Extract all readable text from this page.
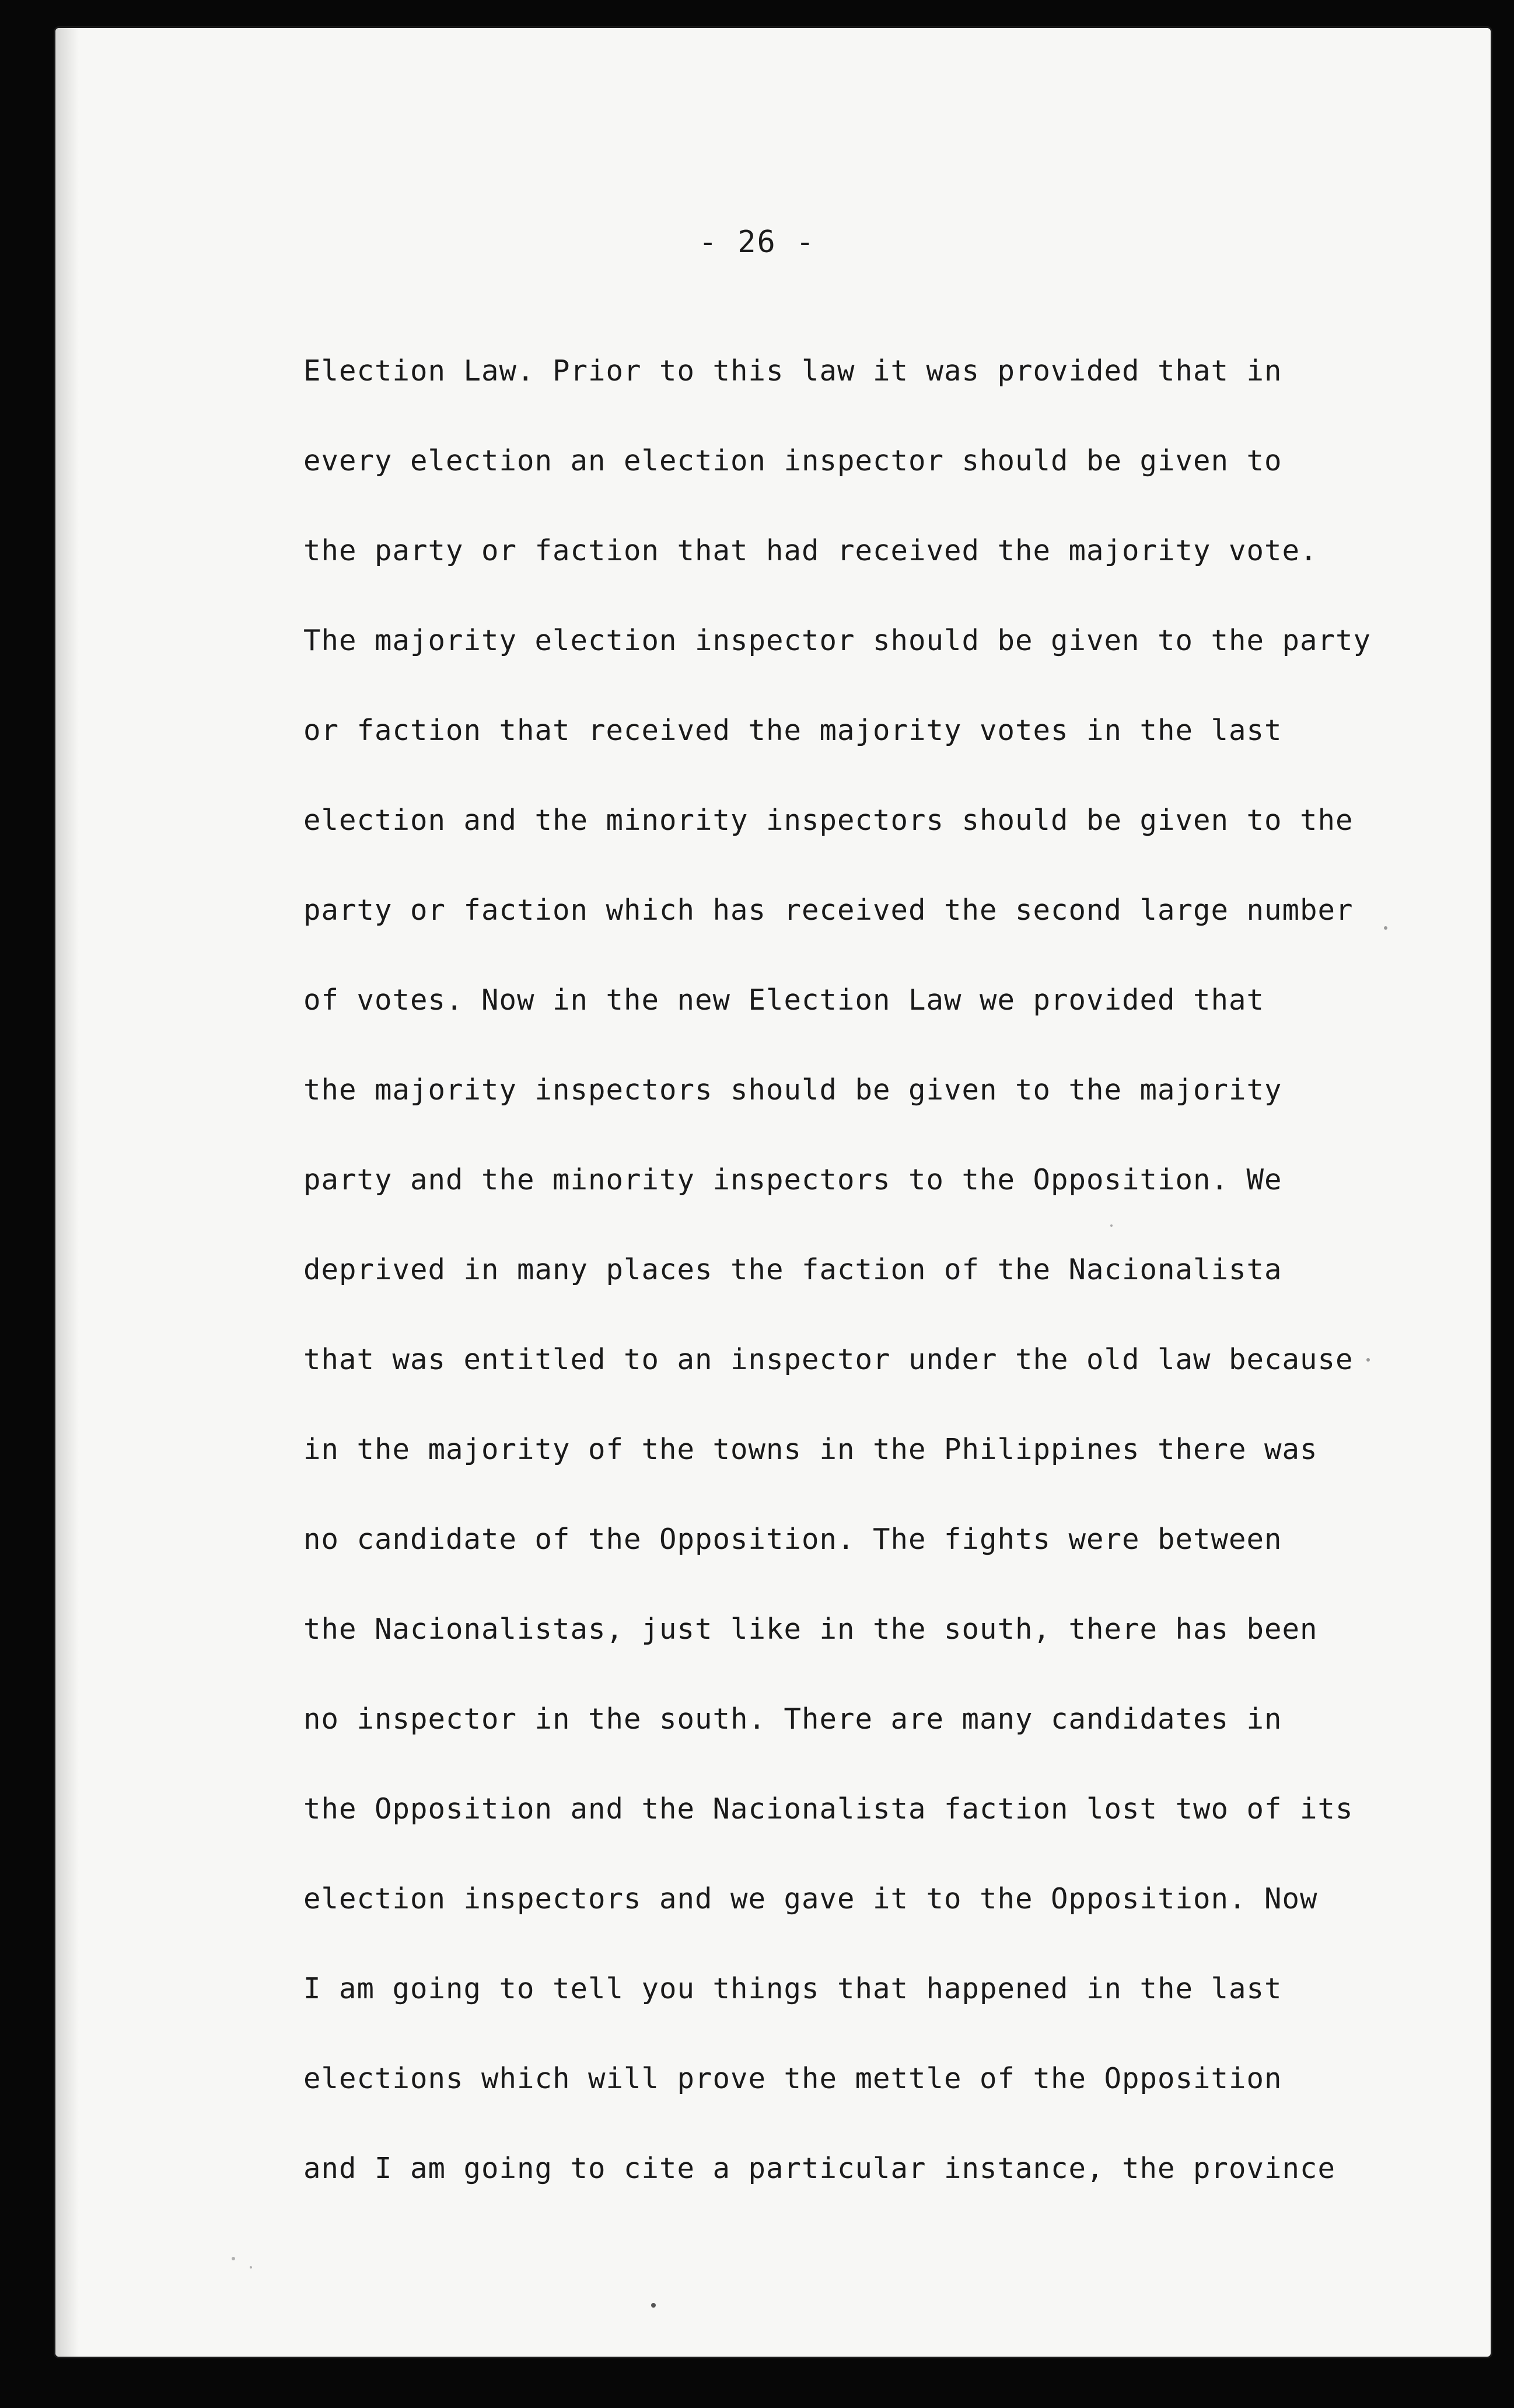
- 26 -
Election Law. Prior to this law it was provided that in
every election an election inspector should be given to
the party or faction that had received the majority vote.
The majority election inspector should be given to the party
or faction that received the majority votes in the last
election and the minority inspectors should be given to the
party or faction which has received the second large number
of votes. Now in the new Election Law we provided that
the majority inspectors should be given to the majority
party and the minority inspectors to the Opposition. We
deprived in many places the faction of the Nacionalista
that was entitled to an inspector under the old law because
in the majority of the towns in the Philippines there was
no candidate of the Opposition. The fights were between
the Nacionalistas, just like in the south, there has been
no inspector in the south. There are many candidates in
the Opposition and the Nacionalista faction lost two of its
election inspectors and we gave it to the Opposition. Now
I am going to tell you things that happened in the last
elections which will prove the mettle of the Opposition
and I am going to cite a particular instance, the province
